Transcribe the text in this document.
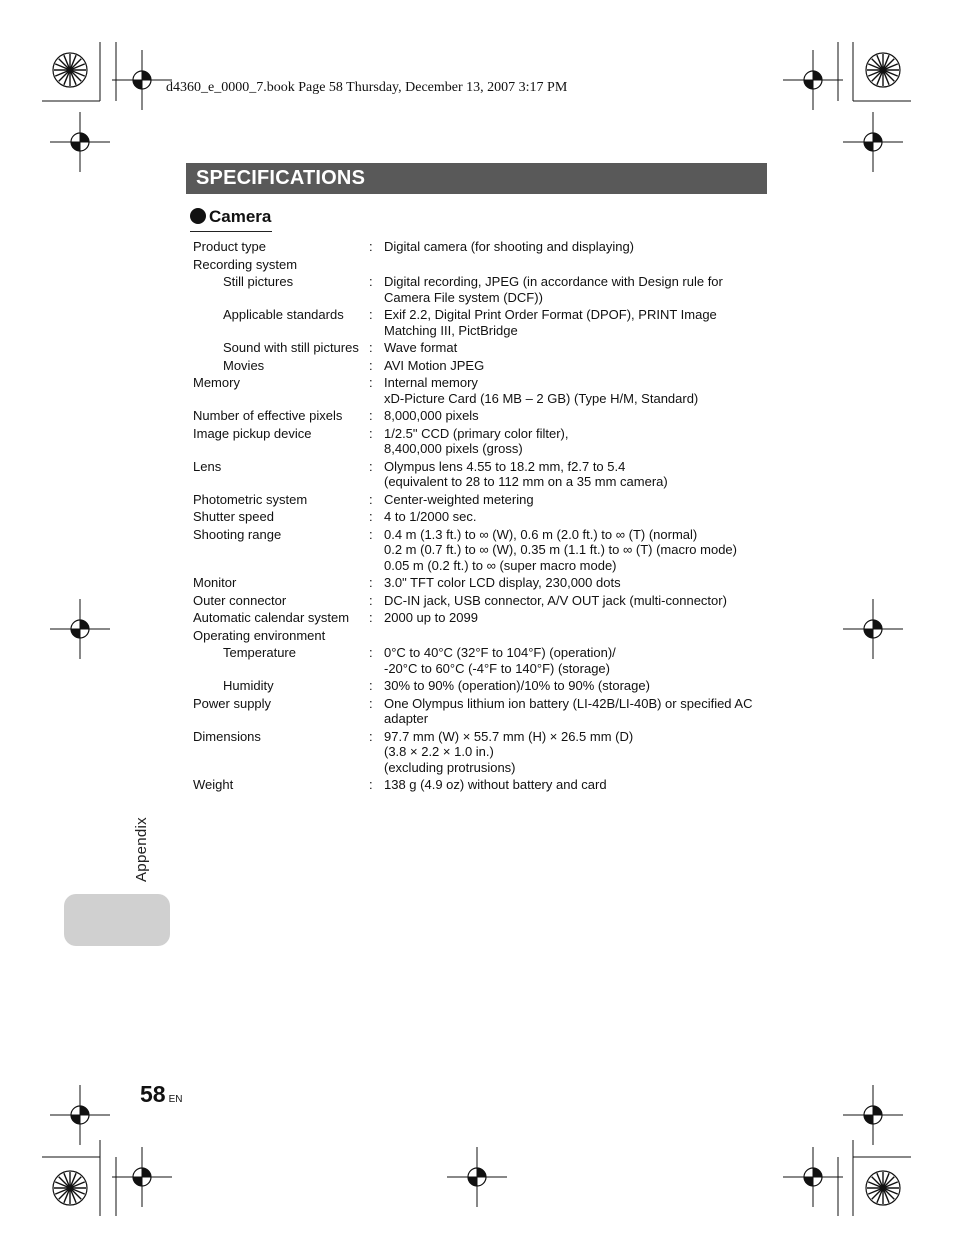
d4360_e_0000_7.book Page 58 Thursday, December 13, 2007 3:17 PM
SPECIFICATIONS
Camera
Product type	: Digital camera (for shooting and displaying)
Recording system
Still pictures	: Digital recording, JPEG (in accordance with Design rule for
Camera File system (DCF))
Applicable standards : Exif 2.2, Digital Print Order Format (DPOF), PRINT Image
Matching III, PictBridge
Sound with still pictures : Wave format
Movies	: AVI Motion JPEG
Memory	: Internal memory
xD-Picture Card (16 MB – 2 GB) (Type H/M, Standard)
Number of effective pixels : 8,000,000 pixels
Image pickup device	: 1/2.5" CCD (primary color filter),
8,400,000 pixels (gross)
Lens	: Olympus lens 4.55 to 18.2 mm, f2.7 to 5.4
(equivalent to 28 to 112 mm on a 35 mm camera)
Photometric system	: Center-weighted metering
Shutter speed	: 4 to 1/2000 sec.
Shooting range	: 0.4 m (1.3 ft.) to ∞ (W), 0.6 m (2.0 ft.) to ∞ (T) (normal)
0.2 m (0.7 ft.) to ∞ (W), 0.35 m (1.1 ft.) to ∞ (T) (macro mode)
0.05 m (0.2 ft.) to ∞ (super macro mode)
Monitor	: 3.0" TFT color LCD display, 230,000 dots
Outer connector	: DC-IN jack, USB connector, A/V OUT jack (multi-connector)
Automatic calendar system : 2000 up to 2099
Operating environment
Temperature	: 0°C to 40°C (32°F to 104°F) (operation)/
-20°C to 60°C (-4°F to 140°F) (storage)
Humidity	: 30% to 90% (operation)/10% to 90% (storage)
Power supply	: One Olympus lithium ion battery (LI-42B/LI-40B) or specified AC
adapter
Dimensions	: 97.7 mm (W) × 55.7 mm (H) × 26.5 mm (D)
(3.8 × 2.2 × 1.0 in.)
(excluding protrusions)
Weight	: 138 g (4.9 oz) without battery and card
Appendix
58 EN
